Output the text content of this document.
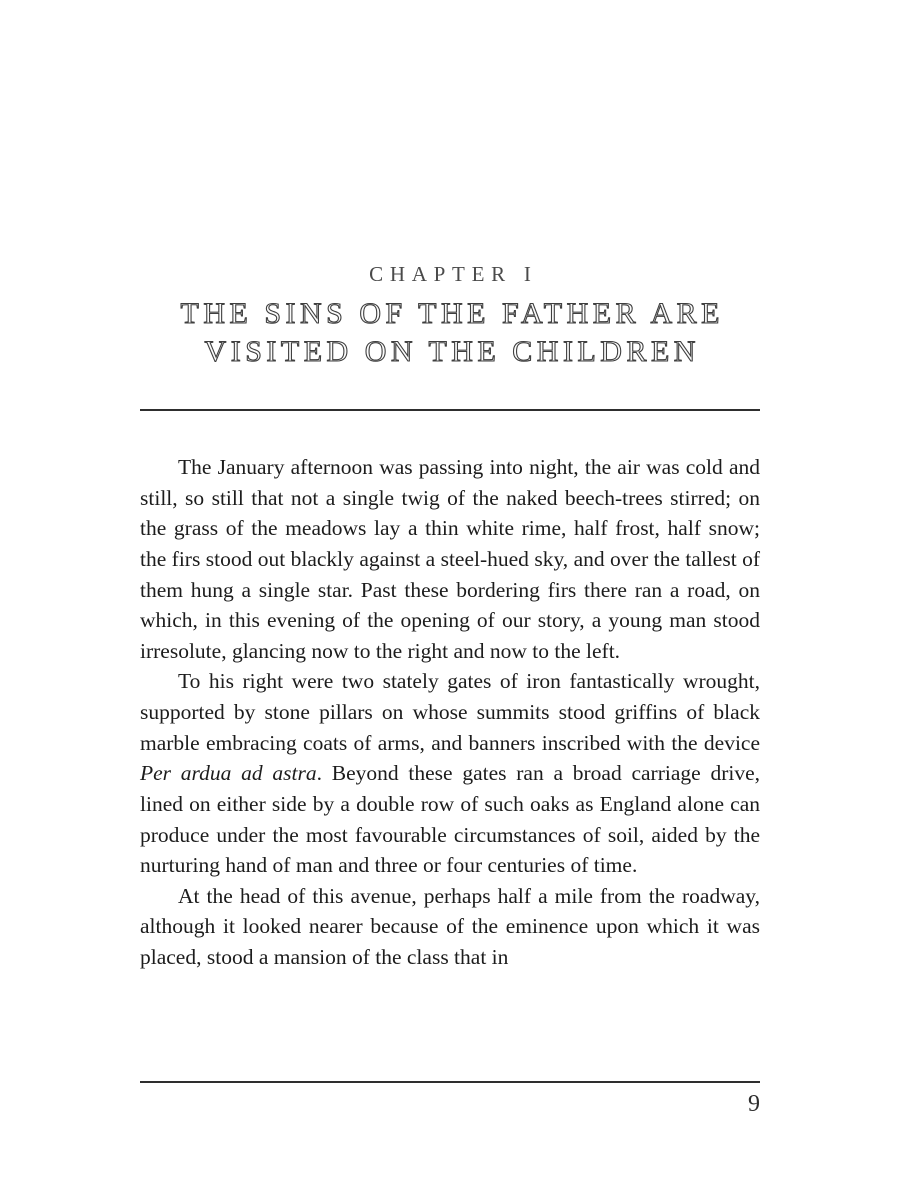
CHAPTER I
THE SINS OF THE FATHER ARE
VISITED ON THE CHILDREN

The January afternoon was passing into night, the air was cold and still, so still that not a single twig of the naked beech-trees stirred; on the grass of the meadows lay a thin white rime, half frost, half snow; the firs stood out blackly against a steel-hued sky, and over the tallest of them hung a single star. Past these bordering firs there ran a road, on which, in this evening of the opening of our story, a young man stood irresolute, glancing now to the right and now to the left.

To his right were two stately gates of iron fantastically wrought, supported by stone pillars on whose summits stood griffins of black marble embracing coats of arms, and banners inscribed with the device Per ardua ad astra. Beyond these gates ran a broad carriage drive, lined on either side by a double row of such oaks as England alone can produce under the most favourable circumstances of soil, aided by the nurturing hand of man and three or four centuries of time.

At the head of this avenue, perhaps half a mile from the roadway, although it looked nearer because of the eminence upon which it was placed, stood a mansion of the class that in

9
